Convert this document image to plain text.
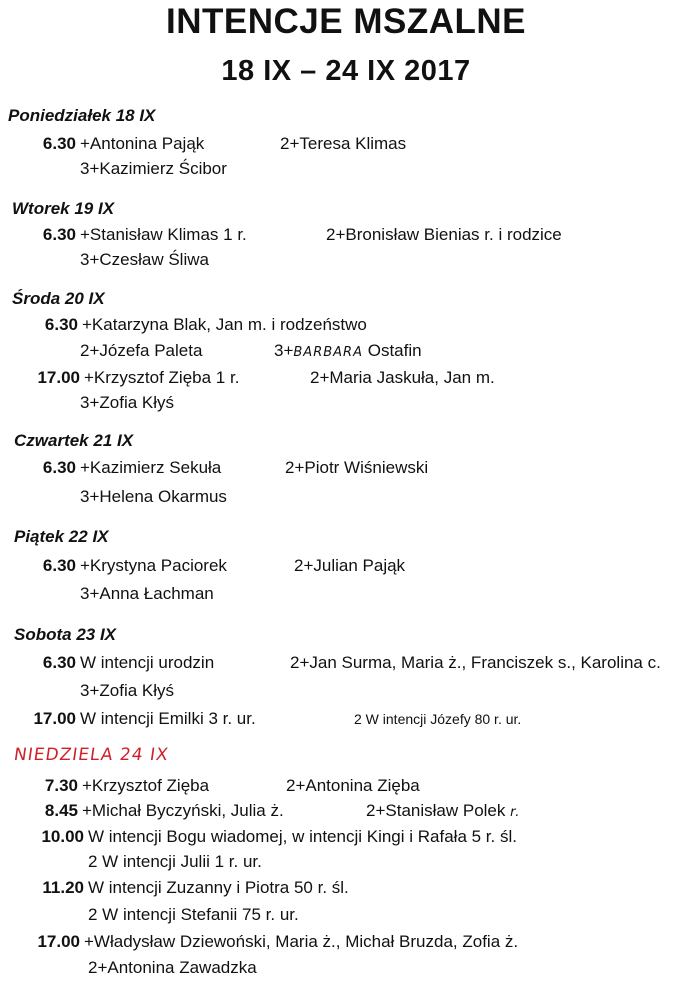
INTENCJE MSZALNE
18 IX – 24 IX 2017
Poniedziałek 18 IX
6.30 +Antonina Pająk	2+Teresa Klimas
3+Kazimierz Ścibor
Wtorek 19 IX
6.30 +Stanisław Klimas 1 r.	2+Bronisław Bienias r. i rodzice
3+Czesław Śliwa
Środa 20 IX
6.30 +Katarzyna Blak, Jan m. i rodzeństwo
2+Józefa Paleta	3+BARBARA Ostafin
17.00 +Krzysztof Zięba 1 r.	2+Maria Jaskuła, Jan m.
3+Zofia Kłyś
Czwartek 21 IX
6.30 +Kazimierz Sekuła	2+Piotr Wiśniewski
3+Helena Okarmus
Piątek 22 IX
6.30 +Krystyna Paciorek	2+Julian Pająk
3+Anna Łachman
Sobota 23 IX
6.30 W intencji urodzin	2+Jan Surma, Maria ż., Franciszek s., Karolina c.
3+Zofia Kłyś
17.00 W intencji Emilki 3 r. ur.	2 W intencji Józefy 80 r. ur.
NIEDZIELA 24 IX
7.30 +Krzysztof Zięba	2+Antonina Zięba
8.45 +Michał Byczyński, Julia ż.	2+Stanisław Polek r.
10.00 W intencji Bogu wiadomej, w intencji Kingi i Rafała 5 r. śl.
2 W intencji Julii 1 r. ur.
11.20 W intencji Zuzanny i Piotra 50 r. śl.
2 W intencji Stefanii 75 r. ur.
17.00 +Władysław Dziewoński, Maria ż., Michał Bruzda, Zofia ż.
2+Antonina Zawadzka
